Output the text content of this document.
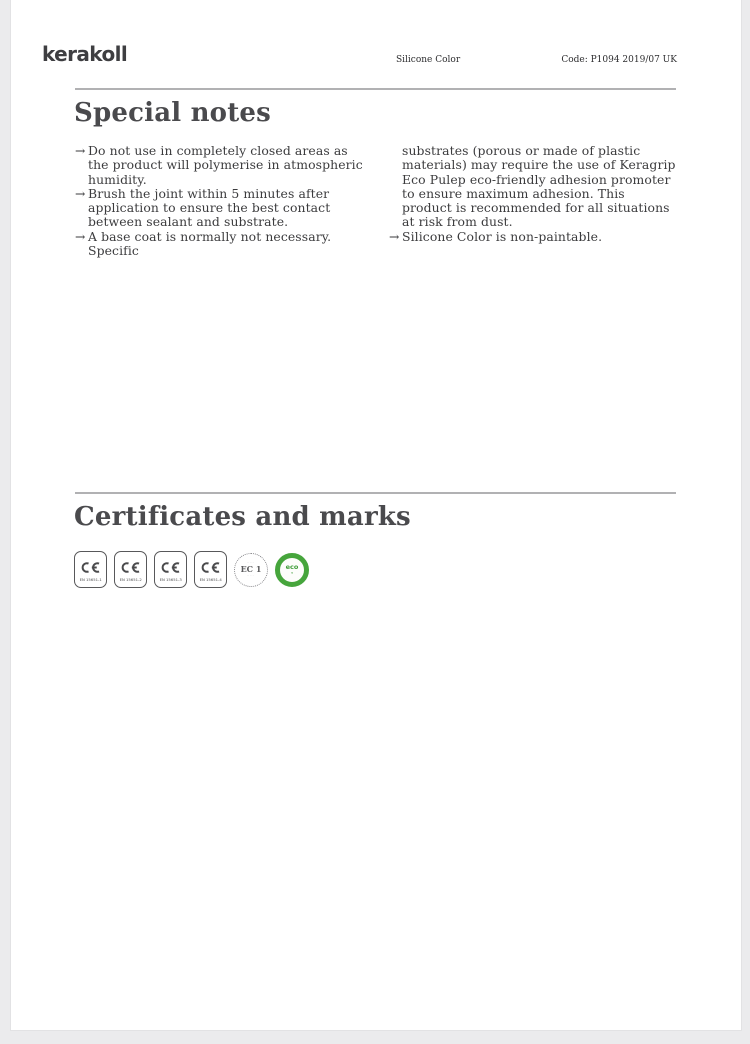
kerakoll	Silicone Color	Code: P1094 2019/07 UK
Special notes
→ Do not use in completely closed areas as the product will polymerise in atmospheric humidity.
→ Brush the joint within 5 minutes after application to ensure the best contact between sealant and substrate.
→ A base coat is normally not necessary. Specific
substrates (porous or made of plastic materials) may require the use of Keragrip Eco Pulep eco-friendly adhesion promoter to ensure maximum adhesion. This product is recommended for all situations at risk from dust.
→ Silicone Color is non-paintable.
Certificates and marks
EN 15651-1	EN 15651-2	EN 15651-3	EN 15651-4
·····
EC 1
·····
eco
▾
